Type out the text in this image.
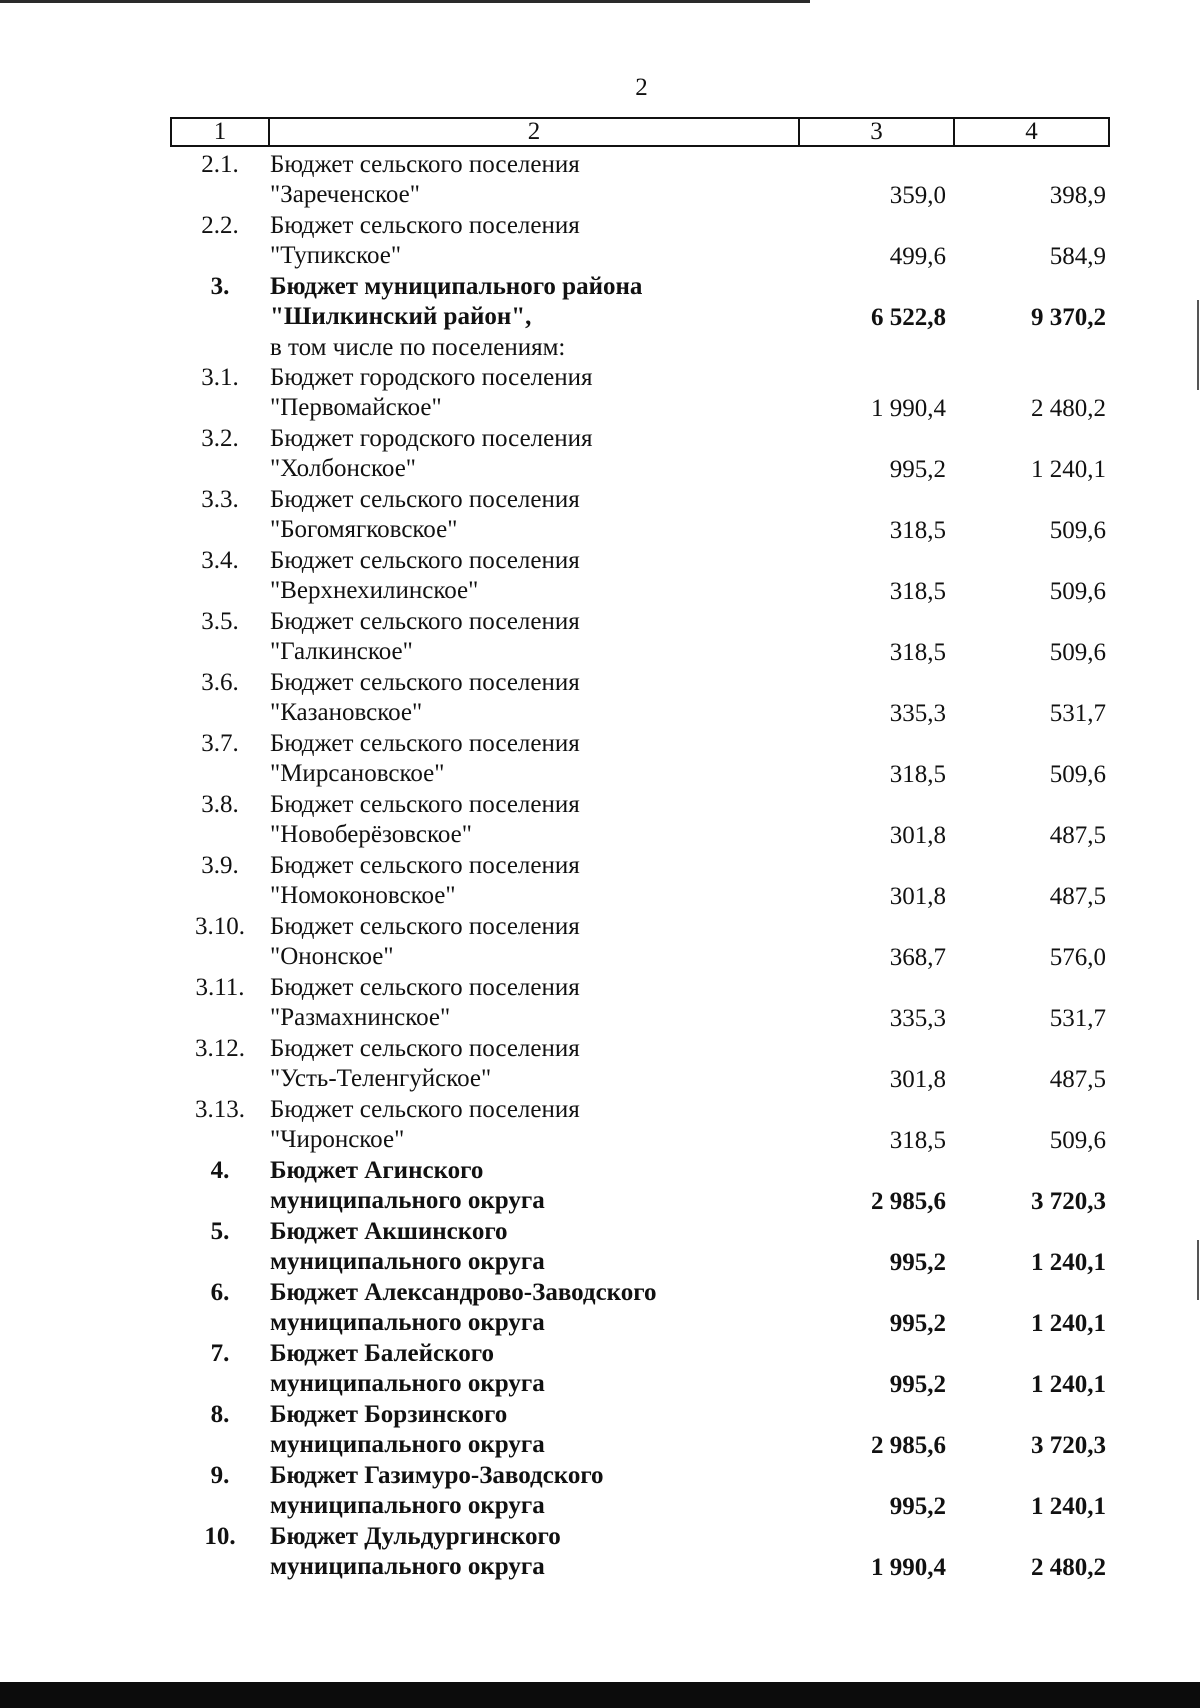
2
1	2	3	4
2.1.	Бюджет сельского поселения
"Зареченское"	359,0	398,9
2.2.	Бюджет сельского поселения
"Тупикское"	499,6	584,9
3.	Бюджет муниципального района
"Шилкинский район",	6 522,8	9 370,2
в том числе по поселениям:
3.1.	Бюджет городского поселения
"Первомайское"	1 990,4	2 480,2
3.2.	Бюджет городского поселения
"Холбонское"	995,2	1 240,1
3.3.	Бюджет сельского поселения
"Богомягковское"	318,5	509,6
3.4.	Бюджет сельского поселения
"Верхнехилинское"	318,5	509,6
3.5.	Бюджет сельского поселения
"Галкинское"	318,5	509,6
3.6.	Бюджет сельского поселения
"Казановское"	335,3	531,7
3.7.	Бюджет сельского поселения
"Мирсановское"	318,5	509,6
3.8.	Бюджет сельского поселения
"Новоберёзовское"	301,8	487,5
3.9.	Бюджет сельского поселения
"Номоконовское"	301,8	487,5
3.10.	Бюджет сельского поселения
"Ононское"	368,7	576,0
3.11.	Бюджет сельского поселения
"Размахнинское"	335,3	531,7
3.12.	Бюджет сельского поселения
"Усть-Теленгуйское"	301,8	487,5
3.13.	Бюджет сельского поселения
"Чиронское"	318,5	509,6
4.	Бюджет Агинского
муниципального округа	2 985,6	3 720,3
5.	Бюджет Акшинского
муниципального округа	995,2	1 240,1
6.	Бюджет Александрово-Заводского
муниципального округа	995,2	1 240,1
7.	Бюджет Балейского
муниципального округа	995,2	1 240,1
8.	Бюджет Борзинского
муниципального округа	2 985,6	3 720,3
9.	Бюджет Газимуро-Заводского
муниципального округа	995,2	1 240,1
10.	Бюджет Дульдургинского
муниципального округа	1 990,4	2 480,2
